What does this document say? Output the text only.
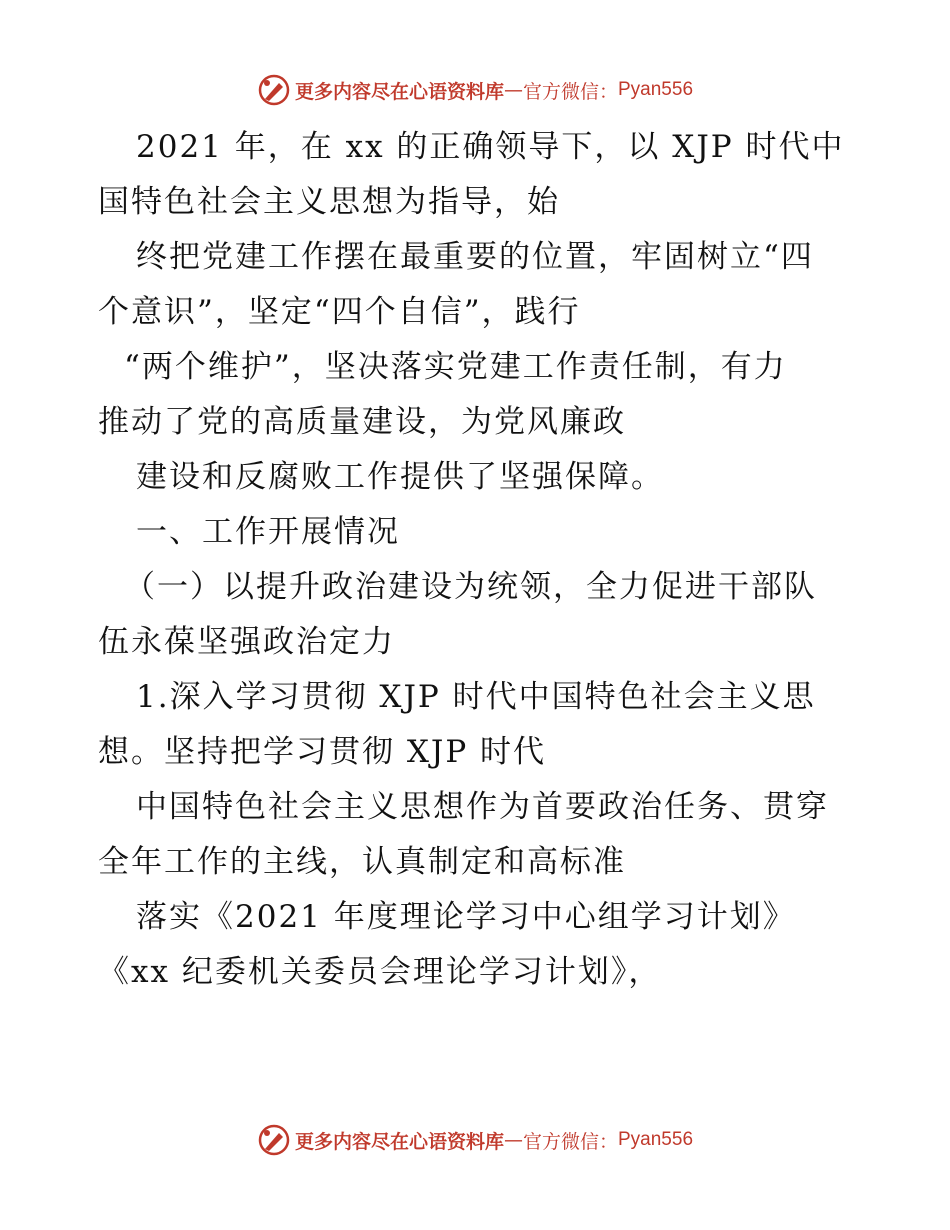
更多内容尽在心语资料库 — 官方微信： Pyan556

2021 年，在 xx 的正确领导下，以 XJP 时代中

国特色社会主义思想为指导，始

终把党建工作摆在最重要的位置，牢固树立“四

个意识”，坚定“四个自信”，践行

“两个维护”，坚决落实党建工作责任制，有力

推动了党的高质量建设，为党风廉政

建设和反腐败工作提供了坚强保障。

一、工作开展情况

（一）以提升政治建设为统领，全力促进干部队

伍永葆坚强政治定力

1.深入学习贯彻 XJP 时代中国特色社会主义思

想。坚持把学习贯彻 XJP 时代

中国特色社会主义思想作为首要政治任务、贯穿

全年工作的主线，认真制定和高标准

落实《2021 年度理论学习中心组学习计划》

《xx 纪委机关委员会理论学习计划》，

更多内容尽在心语资料库 — 官方微信： Pyan556
